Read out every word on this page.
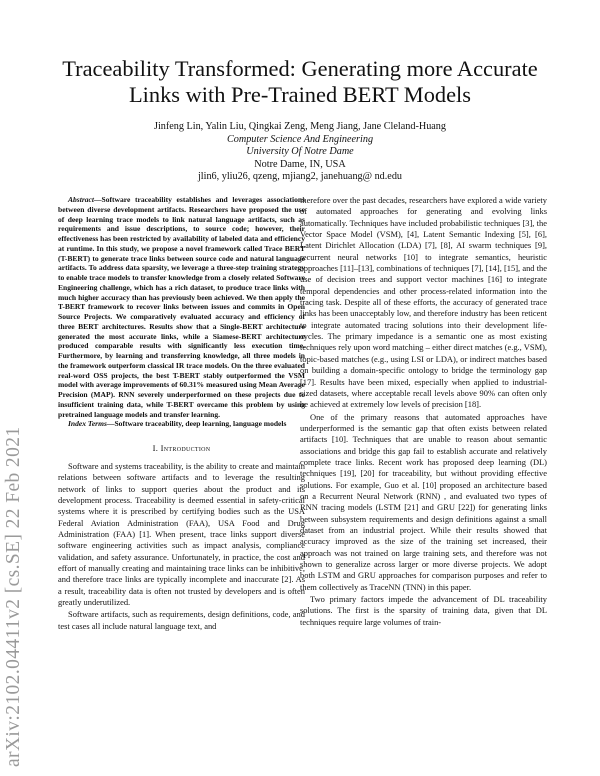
arXiv:2102.04411v2 [cs.SE] 22 Feb 2021
Traceability Transformed: Generating more Accurate Links with Pre-Trained BERT Models
Jinfeng Lin, Yalin Liu, Qingkai Zeng, Meng Jiang, Jane Cleland-Huang
Computer Science And Engineering
University Of Notre Dame
Notre Dame, IN, USA
jlin6, yliu26, qzeng, mjiang2, janehuang@ nd.edu

Abstract—Software traceability establishes and leverages associations between diverse development artifacts. Researchers have proposed the use of deep learning trace models to link natural language artifacts, such as requirements and issue descriptions, to source code; however, their effectiveness has been restricted by availability of labeled data and efficiency at runtime. In this study, we propose a novel framework called Trace BERT (T-BERT) to generate trace links between source code and natural language artifacts. To address data sparsity, we leverage a three-step training strategy to enable trace models to transfer knowledge from a closely related Software Engineering challenge, which has a rich dataset, to produce trace links with much higher accuracy than has previously been achieved. We then apply the T-BERT framework to recover links between issues and commits in Open Source Projects. We comparatively evaluated accuracy and efficiency of three BERT architectures. Results show that a Single-BERT architecture generated the most accurate links, while a Siamese-BERT architecture produced comparable results with significantly less execution time. Furthermore, by learning and transferring knowledge, all three models in the framework outperform classical IR trace models. On the three evaluated real-word OSS projects, the best T-BERT stably outperformed the VSM model with average improvements of 60.31% measured using Mean Average Precision (MAP). RNN severely underperformed on these projects due to insufficient training data, while T-BERT overcame this problem by using pretrained language models and transfer learning.

Index Terms—Software traceability, deep learning, language models

I. Introduction

Software and systems traceability, is the ability to create and maintain relations between software artifacts and to leverage the resulting network of links to support queries about the product and its development process. Traceability is deemed essential in safety-critical systems where it is prescribed by certifying bodies such as the USA Federal Aviation Administration (FAA), USA Food and Drug Administration (FAA) [1]. When present, trace links support diverse software engineering activities such as impact analysis, compliance validation, and safety assurance. Unfortunately, in practice, the cost and effort of manually creating and maintaining trace links can be inhibitive, and therefore trace links are typically incomplete and inaccurate [2]. As a result, traceability data is often not trusted by developers and is often greatly underutilized.

Software artifacts, such as requirements, design definitions, code, and test cases all include natural language text, and

therefore over the past decades, researchers have explored a wide variety of automated approaches for generating and evolving links automatically. Techniques have included probabilistic techniques [3], the Vector Space Model (VSM), [4], Latent Semantic Indexing [5], [6], Latent Dirichlet Allocation (LDA) [7], [8], AI swarm techniques [9], recurrent neural networks [10] to integrate semantics, heuristic approaches [11]–[13], combinations of techniques [7], [14], [15], and the use of decision trees and support vector machines [16] to integrate temporal dependencies and other process-related information into the tracing task. Despite all of these efforts, the accuracy of generated trace links has been unacceptably low, and therefore industry has been reticent to integrate automated tracing solutions into their development life-cycles. The primary impedance is a semantic one as most existing techniques rely upon word matching – either direct matches (e.g., VSM), topic-based matches (e.g., using LSI or LDA), or indirect matches based on building a domain-specific ontology to bridge the terminology gap [17]. Results have been mixed, especially when applied to industrial-sized datasets, where acceptable recall levels above 90% can often only be achieved at extremely low levels of precision [18].

One of the primary reasons that automated approaches have underperformed is the semantic gap that often exists between related artifacts [10]. Techniques that are unable to reason about semantic associations and bridge this gap fail to establish accurate and relatively complete trace links. Recent work has proposed deep learning (DL) techniques [19], [20] for traceability, but without providing effective solutions. For example, Guo et al. [10] proposed an architecture based on a Recurrent Neural Network (RNN) , and evaluated two types of RNN tracing models (LSTM [21] and GRU [22]) for generating links between subsystem requirements and design definitions against a small dataset from an industrial project. While their results showed that accuracy improved as the size of the training set increased, their approach was not trained on large training sets, and therefore was not shown to generalize across larger or more diverse projects. We adopt both LSTM and GRU approaches for comparison purposes and refer to them collectively as TraceNN (TNN) in this paper.

Two primary factors impede the advancement of DL traceability solutions. The first is the sparsity of training data, given that DL techniques require large volumes of train-
